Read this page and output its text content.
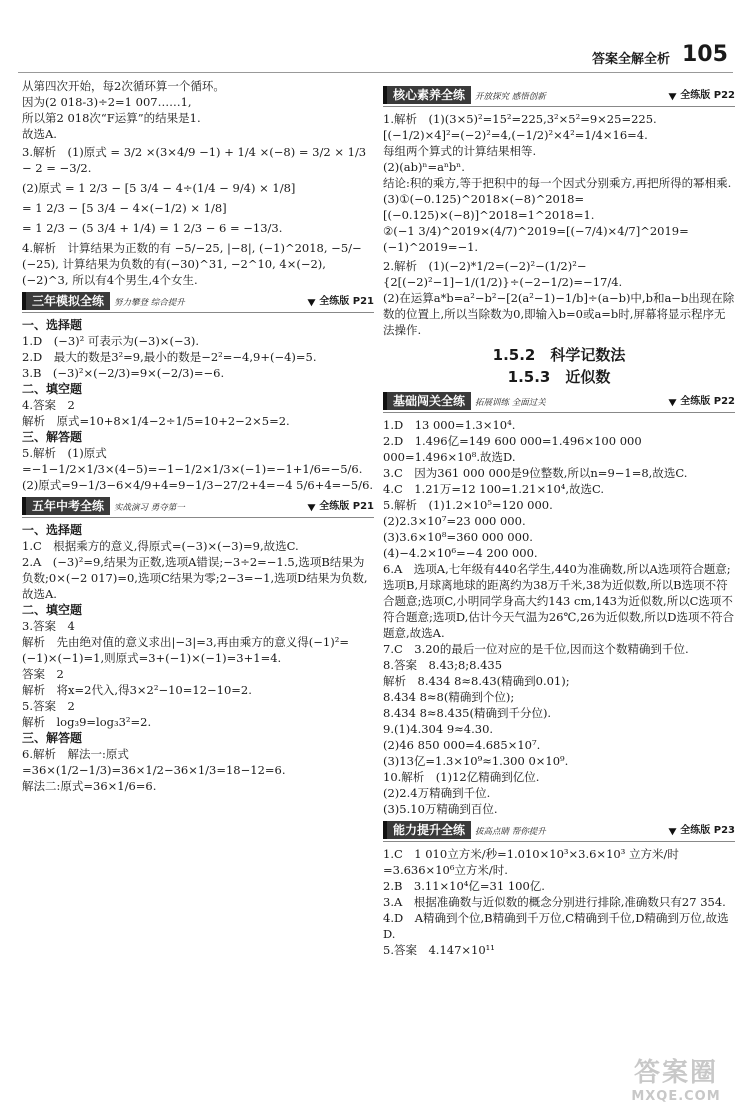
答案全解全析 105

从第四次开始，每2次循环算一个循环。

因为(2 018-3)÷2=1 007……1,

所以第2 018次“F运算”的结果是1.

故选A.

3.解析　(1)原式 = 3/2 ×(3×4/9 −1) + 1/4 ×(−8) = 3/2 × 1/3 − 2 = −3/2.

(2)原式 = 1 2/3 − [5 3/4 − 4÷(1/4 − 9/4) × 1/8]

= 1 2/3 − [5 3/4 − 4×(−1/2) × 1/8]

= 1 2/3 − (5 3/4 + 1/4) = 1 2/3 − 6 = −13/3.

4.解析　计算结果为正数的有 −5/−25, |−8|, (−1)^2018, −5/−(−25), 计算结果为负数的有(−30)^31, −2^10, 4×(−2), (−2)^3, 所以有4个男生,4个女生.

三年模拟全练	努力攀登 综合提升	全练版 P21

一、选择题

1.D　(−3)² 可表示为(−3)×(−3).

2.D　最大的数是3²=9,最小的数是−2²=−4,9+(−4)=5.

3.B　(−3)²×(−2/3)=9×(−2/3)=−6.

二、填空题

4.答案　2

解析　原式=10+8×1/4−2÷1/5=10+2−2×5=2.

三、解答题

5.解析　(1)原式=−1−1/2×1/3×(4−5)=−1−1/2×1/3×(−1)=−1+1/6=−5/6.

(2)原式=9−1/3−6×4/9+4=9−1/3−27/2+4=−4 5/6+4=−5/6.

五年中考全练	实战演习 勇夺第一	全练版 P21

一、选择题

1.C　根据乘方的意义,得原式=(−3)×(−3)=9,故选C.

2.A　(−3)²=9,结果为正数,选项A错误;−3÷2=−1.5,选项B结果为负数;0×(−2 017)=0,选项C结果为零;2−3=−1,选项D结果为负数,故选A.

二、填空题

3.答案　4

解析　先由绝对值的意义求出|−3|=3,再由乘方的意义得(−1)²=(−1)×(−1)=1,则原式=3+(−1)×(−1)=3+1=4.

答案　2

解析　将x=2代入,得3×2²−10=12−10=2.

5.答案　2

解析　log₃9=log₃3²=2.

三、解答题

6.解析　解法一:原式=36×(1/2−1/3)=36×1/2−36×1/3=18−12=6.

解法二:原式=36×1/6=6.

核心素养全练	开放探究 感悟创新	全练版 P22

1.解析　(1)(3×5)²=15²=225,3²×5²=9×25=225.

[(−1/2)×4]²=(−2)²=4,(−1/2)²×4²=1/4×16=4.

每组两个算式的计算结果相等.

(2)(ab)ⁿ=aⁿbⁿ.

结论:积的乘方,等于把积中的每一个因式分别乘方,再把所得的幂相乘.

(3)①(−0.125)^2018×(−8)^2018=[(−0.125)×(−8)]^2018=1^2018=1.

②(−1 3/4)^2019×(4/7)^2019=[(−7/4)×4/7]^2019=(−1)^2019=−1.

2.解析　(1)(−2)*1/2=(−2)²−(1/2)²−

{2[(−2)²−1]−1/(1/2)}÷(−2−1/2)=−17/4.

(2)在运算a*b=a²−b²−[2(a²−1)−1/b]÷(a−b)中,b和a−b出现在除数的位置上,所以当除数为0,即输入b=0或a=b时,屏幕将显示程序无法操作.

1.5.2　科学记数法
1.5.3　近似数
基础闯关全练	拓展训练 全面过关	全练版 P22

1.D　13 000=1.3×10⁴.

2.D　1.496亿=149 600 000=1.496×100 000 000=1.496×10⁸.故选D.

3.C　因为361 000 000是9位整数,所以n=9−1=8,故选C.

4.C　1.21万=12 100=1.21×10⁴,故选C.

5.解析　(1)1.2×10⁵=120 000.

(2)2.3×10⁷=23 000 000.

(3)3.6×10⁸=360 000 000.

(4)−4.2×10⁶=−4 200 000.

6.A　选项A,七年级有440名学生,440为准确数,所以A选项符合题意;选项B,月球离地球的距离约为38万千米,38为近似数,所以B选项不符合题意;选项C,小明同学身高大约143 cm,143为近似数,所以C选项不符合题意;选项D,估计今天气温为26℃,26为近似数,所以D选项不符合题意,故选A.

7.C　3.20的最后一位对应的是千位,因而这个数精确到千位.

8.答案　8.43;8;8.435

解析　8.434 8≈8.43(精确到0.01);

8.434 8≈8(精确到个位);

8.434 8≈8.435(精确到千分位).

9.(1)4.304 9≈4.30.

(2)46 850 000=4.685×10⁷.

(3)13亿=1.3×10⁹≈1.300 0×10⁹.

10.解析　(1)12亿精确到亿位.

(2)2.4万精确到千位.

(3)5.10万精确到百位.

能力提升全练	拔高点睛 帮你提升	全练版 P23

1.C　1 010立方米/秒=1.010×10³×3.6×10³ 立方米/时=3.636×10⁶立方米/时.

2.B　3.11×10⁴亿=31 100亿.

3.A　根据准确数与近似数的概念分别进行排除,准确数只有27 354.

4.D　A精确到个位,B精确到千万位,C精确到千位,D精确到万位,故选D.

5.答案　4.147×10¹¹

答案圈
MXQE.COM
